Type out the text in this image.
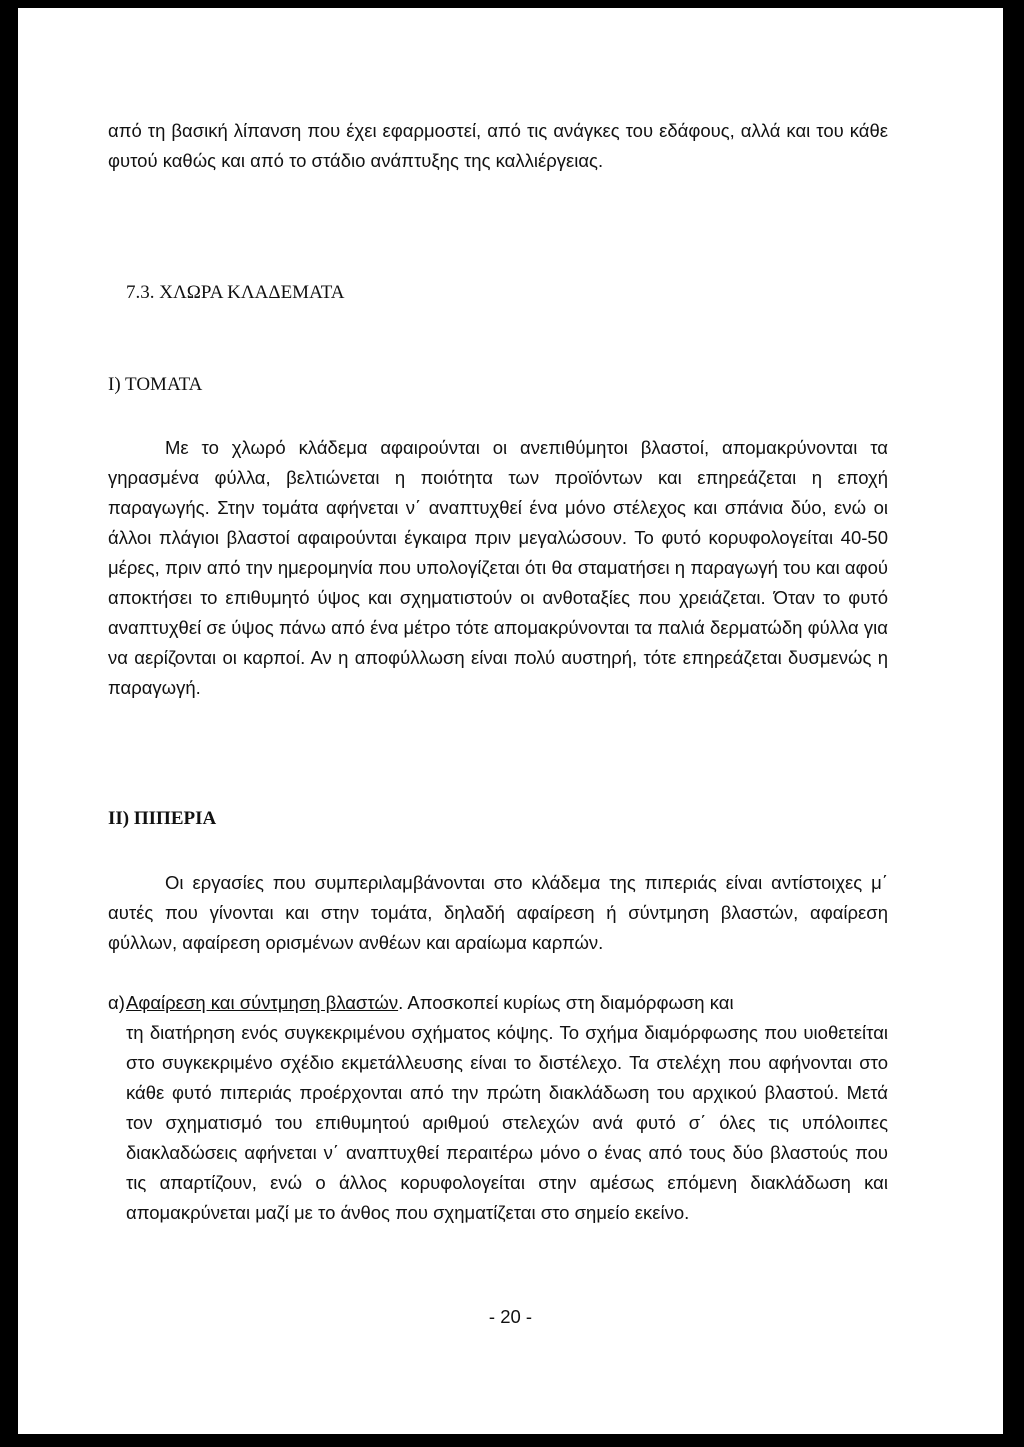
από τη βασική λίπανση που έχει εφαρμοστεί, από τις ανάγκες του εδάφους, αλλά και του κάθε φυτού καθώς και από το στάδιο ανάπτυξης της καλλιέργειας.

7.3. ΧΛΩΡΑ ΚΛΑΔΕΜΑΤΑ

Ι) ΤΟΜΑΤΑ

Με το χλωρό κλάδεμα αφαιρούνται οι ανεπιθύμητοι βλαστοί, απομακρύνονται τα γηρασμένα φύλλα, βελτιώνεται η ποιότητα των προϊόντων και επηρεάζεται η εποχή παραγωγής. Στην τομάτα αφήνεται ν΄ αναπτυχθεί ένα μόνο στέλεχος και σπάνια δύο, ενώ οι άλλοι πλάγιοι βλαστοί αφαιρούνται έγκαιρα πριν μεγαλώσουν. Το φυτό κορυφολογείται 40-50 μέρες, πριν από την ημερομηνία που υπολογίζεται ότι θα σταματήσει η παραγωγή του και αφού αποκτήσει το επιθυμητό ύψος και σχηματιστούν οι ανθοταξίες που χρειάζεται. Όταν το φυτό αναπτυχθεί σε ύψος πάνω από ένα μέτρο τότε απομακρύνονται τα παλιά δερματώδη φύλλα για να αερίζονται οι καρποί. Αν η αποφύλλωση είναι πολύ αυστηρή, τότε επηρεάζεται δυσμενώς η παραγωγή.

ΙΙ) ΠΙΠΕΡΙΑ

Οι εργασίες που συμπεριλαμβάνονται στο κλάδεμα της πιπεριάς είναι αντίστοιχες μ΄ αυτές που γίνονται και στην τομάτα, δηλαδή αφαίρεση ή σύντμηση βλαστών, αφαίρεση φύλλων, αφαίρεση ορισμένων ανθέων και αραίωμα καρπών.

α)Αφαίρεση και σύντμηση βλαστών. Αποσκοπεί κυρίως στη διαμόρφωση και

τη διατήρηση ενός συγκεκριμένου σχήματος κόψης. Το σχήμα διαμόρφωσης που υιοθετείται στο συγκεκριμένο σχέδιο εκμετάλλευσης είναι το διστέλεχο. Τα στελέχη που αφήνονται στο κάθε φυτό πιπεριάς προέρχονται από την πρώτη διακλάδωση του αρχικού βλαστού. Μετά τον σχηματισμό του επιθυμητού αριθμού στελεχών ανά φυτό σ΄ όλες τις υπόλοιπες διακλαδώσεις αφήνεται ν΄ αναπτυχθεί περαιτέρω μόνο ο ένας από τους δύο βλαστούς που τις απαρτίζουν, ενώ ο άλλος κορυφολογείται στην αμέσως επόμενη διακλάδωση και απομακρύνεται μαζί με το άνθος που σχηματίζεται στο σημείο εκείνο.

- 20 -
